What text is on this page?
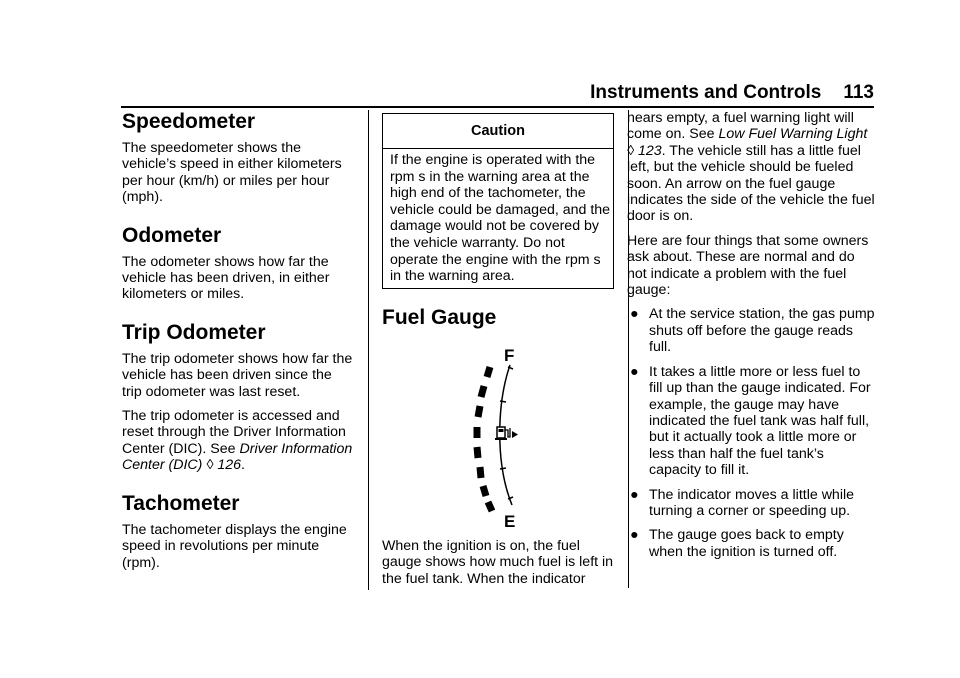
Instruments and Controls 113
Speedometer

The speedometer shows the vehicle’s speed in either kilometers per hour (km/h) or miles per hour (mph).

Odometer

The odometer shows how far the vehicle has been driven, in either kilometers or miles.

Trip Odometer

The trip odometer shows how far the vehicle has been driven since the trip odometer was last reset.

The trip odometer is accessed and reset through the Driver Information Center (DIC). See Driver Information Center (DIC) ◊ 126.

Tachometer

The tachometer displays the engine speed in revolutions per minute (rpm).

Caution
If the engine is operated with the rpm s in the warning area at the high end of the tachometer, the vehicle could be damaged, and the damage would not be covered by the vehicle warranty. Do not operate the engine with the rpm s in the warning area.
Fuel Gauge
F
E
When the ignition is on, the fuel gauge shows how much fuel is left in the fuel tank. When the indicator

nears empty, a fuel warning light will come on. See Low Fuel Warning Light ◊ 123. The vehicle still has a little fuel left, but the vehicle should be fueled soon. An arrow on the fuel gauge indicates the side of the vehicle the fuel door is on.

Here are four things that some owners ask about. These are normal and do not indicate a problem with the fuel gauge:

● At the service station, the gas pump shuts off before the gauge reads full.
● It takes a little more or less fuel to fill up than the gauge indicated. For example, the gauge may have indicated the fuel tank was half full, but it actually took a little more or less than half the fuel tank’s capacity to fill it.
● The indicator moves a little while turning a corner or speeding up.
● The gauge goes back to empty when the ignition is turned off.
